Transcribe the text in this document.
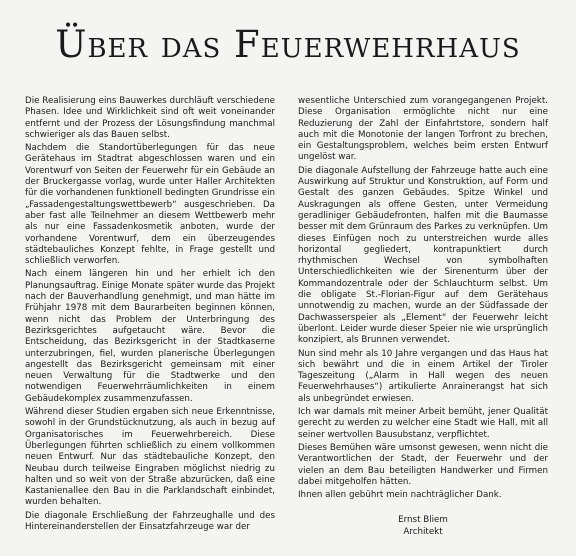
Über das Feuerwehrhaus

Die Realisierung eins Bauwerkes durchläuft verschiedene Phasen. Idee und Wirklichkeit sind oft weit voneinander entfernt und der Prozess der Lösungsfindung manchmal schwieriger als das Bauen selbst.

Nachdem die Standortüberlegungen für das neue Gerätehaus im Stadtrat abgeschlossen waren und ein Vorentwurf von Seiten der Feuerwehr für ein Gebäude an der Bruckergasse vorlag, wurde unter Haller Architekten für die vorhandenen funktionell bedingten Grundrisse ein „Fassadengestaltungswettbewerb“ ausgeschrieben. Da aber fast alle Teilnehmer an diesem Wettbewerb mehr als nur eine Fassadenkosmetik anboten, wurde der vorhandene Vorentwurf, dem ein überzeugendes städtebauliches Konzept fehlte, in Frage gestellt und schließlich verworfen.

Nach einem längeren hin und her erhielt ich den Planungsauftrag. Einige Monate später wurde das Projekt nach der Bauverhandlung genehmigt, und man hätte im Frühjahr 1978 mit dem Baurarbeiten beginnen können, wenn nicht das Problem der Unterbringung des Bezirksgerichtes aufgetaucht wäre. Bevor die Entscheidung, das Bezirksgericht in der Stadtkaserne unterzubringen, fiel, wurden planerische Überlegungen angestellt das Bezirksgericht gemeinsam mit einer neuen Verwaltung für die Stadtwerke und den notwendigen Feuerwehrräumlichkeiten in einem Gebäudekomplex zusammenzufassen.

Während dieser Studien ergaben sich neue Erkenntnisse, sowohl in der Grundstücknutzung, als auch in bezug auf Organisatorisches im Feuerwehrbereich. Diese Überlegungen führten schließlich zu einem vollkommen neuen Entwurf. Nur das städtebauliche Konzept, den Neubau durch teilweise Eingraben möglichst niedrig zu halten und so weit von der Straße abzurücken, daß eine Kastanienallee den Bau in die Parklandschaft einbindet, wurden behalten.

Die diagonale Erschließung der Fahrzeughalle und des Hintereinanderstellen der Einsatzfahrzeuge war der

wesentliche Unterschied zum vorangegangenen Projekt. Diese Organisation ermöglichte nicht nur eine Reduzierung der Zahl der Einfahrtstore, sondern half auch mit die Monotonie der langen Torfront zu brechen, ein Gestaltungsproblem, welches beim ersten Entwurf ungelöst war.

Die diagonale Aufstellung der Fahrzeuge hatte auch eine Auswirkung auf Struktur und Konstruktion, auf Form und Gestalt des ganzen Gebäudes. Spitze Winkel und Auskragungen als offene Gesten, unter Vermeidung geradliniger Gebäudefronten, halfen mit die Baumasse besser mit dem Grünraum des Parkes zu verknüpfen. Um dieses Einfügen noch zu unterstreichen wurde alles horizontal gegliedert, kontrapunktiert durch rhythmischen Wechsel von symbolhaften Unterschiedlichkeiten wie der Sirenenturm über der Kommandozentrale oder der Schlauchturm selbst. Um die obligate St.-Florian-Figur auf dem Gerätehaus unnotwendig zu machen, wurde an der Südfassade der Dachwasserspeier als „Element“ der Feuerwehr leicht überlont. Leider wurde dieser Speier nie wie ursprünglich konzipiert, als Brunnen verwendet.

Nun sind mehr als 10 Jahre vergangen und das Haus hat sich bewährt und die in einem Artikel der Tiroler Tageszeitung („Alarm in Hall wegen des neuen Feuerwehrhauses“) artikulierte Anrainerangst hat sich als unbegründet erwiesen.

Ich war damals mit meiner Arbeit bemüht, jener Qualität gerecht zu werden zu welcher eine Stadt wie Hall, mit all seiner wertvollen Bausubstanz, verpflichtet.

Dieses Bemühen wäre umsonst gewesen, wenn nicht die Verantwortlichen der Stadt, der Feuerwehr und der vielen an dem Bau beteiligten Handwerker und Firmen dabei mitgeholfen hätten.

Ihnen allen gebührt mein nachträglicher Dank.

Ernst Bliem
Architekt
